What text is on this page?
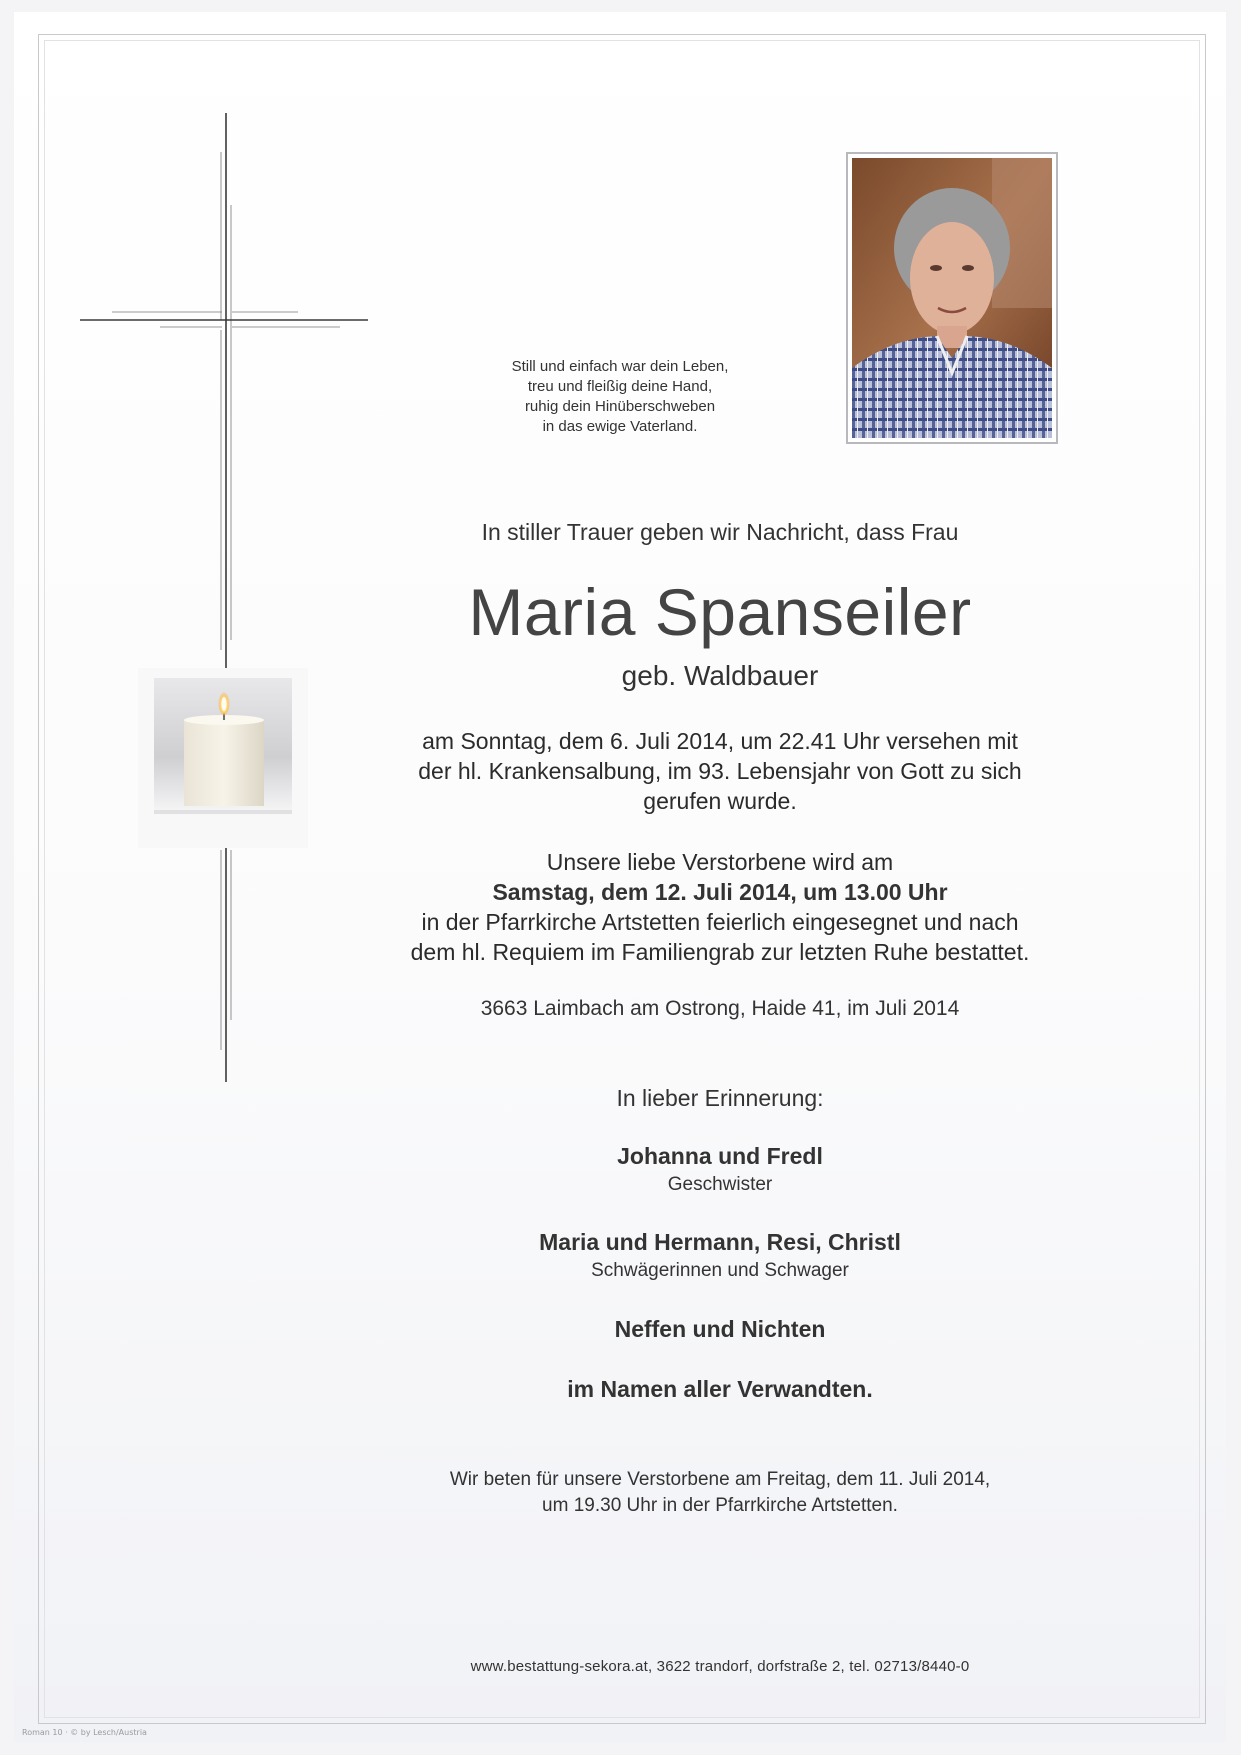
Still und einfach war dein Leben,
treu und fleißig deine Hand,
ruhig dein Hinüberschweben
in das ewige Vaterland.
In stiller Trauer geben wir Nachricht, dass Frau
Maria Spanseiler
geb. Waldbauer
am Sonntag, dem 6. Juli 2014, um 22.41 Uhr versehen mit
der hl. Krankensalbung, im 93. Lebensjahr von Gott zu sich
gerufen wurde.
Unsere liebe Verstorbene wird am
Samstag, dem 12. Juli 2014, um 13.00 Uhr
in der Pfarrkirche Artstetten feierlich eingesegnet und nach
dem hl. Requiem im Familiengrab zur letzten Ruhe bestattet.
3663 Laimbach am Ostrong, Haide 41, im Juli 2014
In lieber Erinnerung:
Johanna und Fredl
Geschwister
Maria und Hermann, Resi, Christl
Schwägerinnen und Schwager
Neffen und Nichten
im Namen aller Verwandten.
Wir beten für unsere Verstorbene am Freitag, dem 11. Juli 2014,
um 19.30 Uhr in der Pfarrkirche Artstetten.
www.bestattung-sekora.at, 3622 trandorf, dorfstraße 2, tel. 02713/8440-0
Roman 10 · © by Lesch/Austria
